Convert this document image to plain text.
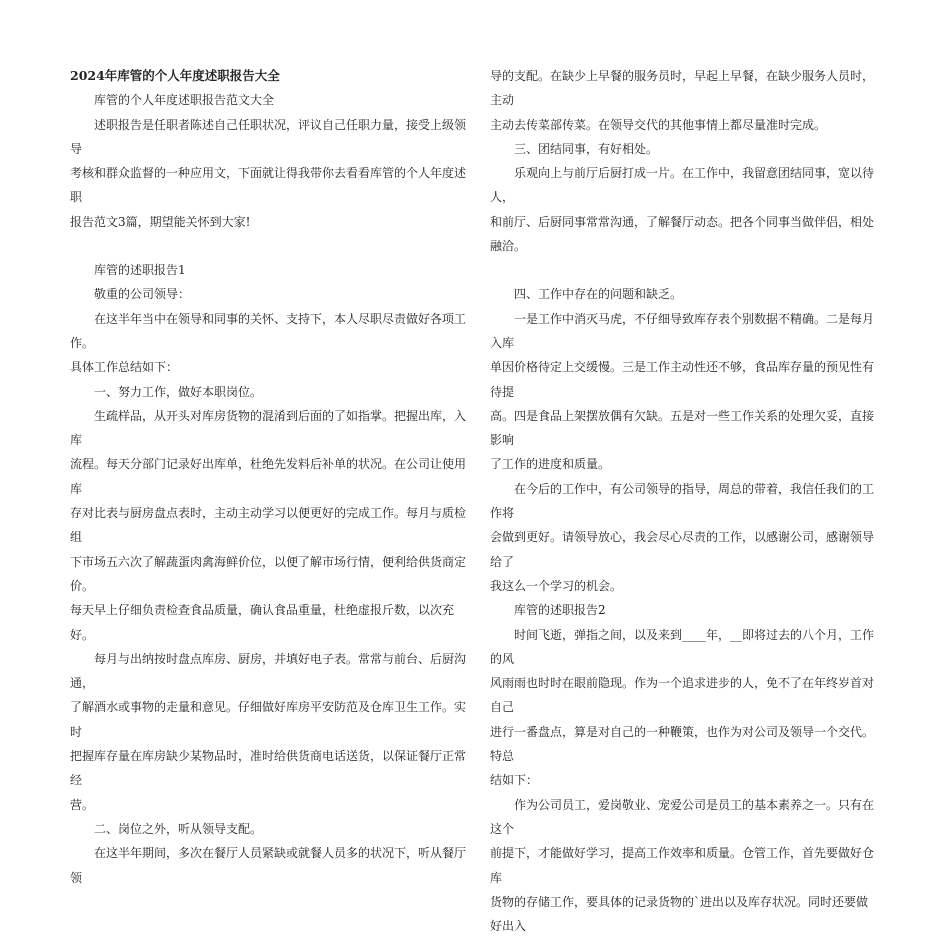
2024年库管的个人年度述职报告大全

库管的个人年度述职报告范文大全

述职报告是任职者陈述自己任职状况，评议自己任职力量，接受上级领导

考核和群众监督的一种应用文，下面就让得我带你去看看库管的个人年度述职

报告范文3篇，期望能关怀到大家!

库管的述职报告1

敬重的公司领导：

在这半年当中在领导和同事的关怀、支持下，本人尽职尽责做好各项工作。

具体工作总结如下：

一、努力工作，做好本职岗位。

生疏样品，从开头对库房货物的混淆到后面的了如指掌。把握出库，入库

流程。每天分部门记录好出库单，杜绝先发料后补单的状况。在公司让使用库

存对比表与厨房盘点表时，主动主动学习以便更好的完成工作。每月与质检组

下市场五六次了解蔬蛋肉禽海鲜价位，以便了解市场行情，便利给供货商定价。

每天早上仔细负责检查食品质量，确认食品重量，杜绝虚报斤数，以次充好。

每月与出纳按时盘点库房、厨房，并填好电子表。常常与前台、后厨沟通，

了解酒水或事物的走量和意见。仔细做好库房平安防范及仓库卫生工作。实时

把握库存量在库房缺少某物品时，准时给供货商电话送货，以保证餐厅正常经

营。

二、岗位之外，听从领导支配。

在这半年期间，多次在餐厅人员紧缺或就餐人员多的状况下，听从餐厅领

导的支配。在缺少上早餐的服务员时，早起上早餐，在缺少服务人员时，主动

主动去传菜部传菜。在领导交代的其他事情上都尽量准时完成。

三、团结同事，有好相处。

乐观向上与前厅后厨打成一片。在工作中，我留意团结同事，宽以待人，

和前厅、后厨同事常常沟通，了解餐厅动态。把各个同事当做伴侣，相处融洽。

四、工作中存在的问题和缺乏。

一是工作中消灭马虎，不仔细导致库存表个别数据不精确。二是每月入库

单因价格待定上交缓慢。三是工作主动性还不够，食品库存量的预见性有待提

高。四是食品上架摆放偶有欠缺。五是对一些工作关系的处理欠妥，直接影响

了工作的进度和质量。

在今后的工作中，有公司领导的指导，周总的带着，我信任我们的工作将

会做到更好。请领导放心，我会尽心尽责的工作，以感谢公司，感谢领导给了

我这么一个学习的机会。

库管的述职报告2

时间飞逝，弹指之间，以及来到____年，__即将过去的八个月，工作的风

风雨雨也时时在眼前隐现。作为一个追求进步的人，免不了在年终岁首对自己

进行一番盘点，算是对自己的一种鞭策，也作为对公司及领导一个交代。特总

结如下：

作为公司员工，爱岗敬业、宠爱公司是员工的基本素养之一。只有在这个

前提下，才能做好学习，提高工作效率和质量。仓管工作，首先要做好仓库

货物的存储工作，要具体的记录货物的`进出以及库存状况。同时还要做好出入
